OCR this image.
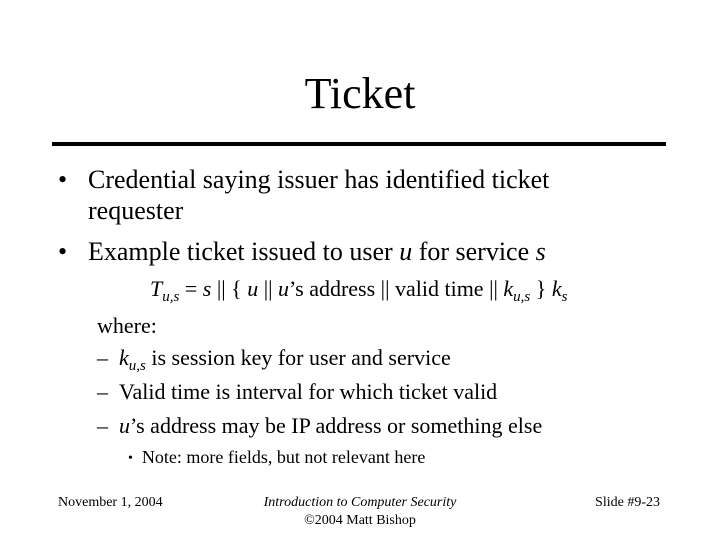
Ticket
• Credential saying issuer has identified ticket
requester
• Example ticket issued to user u for service s
$T_{u,s} = s$ || { u || u’s address || valid time || $k_{u,s}$ } $k_s$
where:
– $k_{u,s}$ is session key for user and service
– Valid time is interval for which ticket valid
– u’s address may be IP address or something else
• Note: more fields, but not relevant here
November 1, 2004	Introduction to Computer Security
©2004 Matt Bishop
Slide #9-23
